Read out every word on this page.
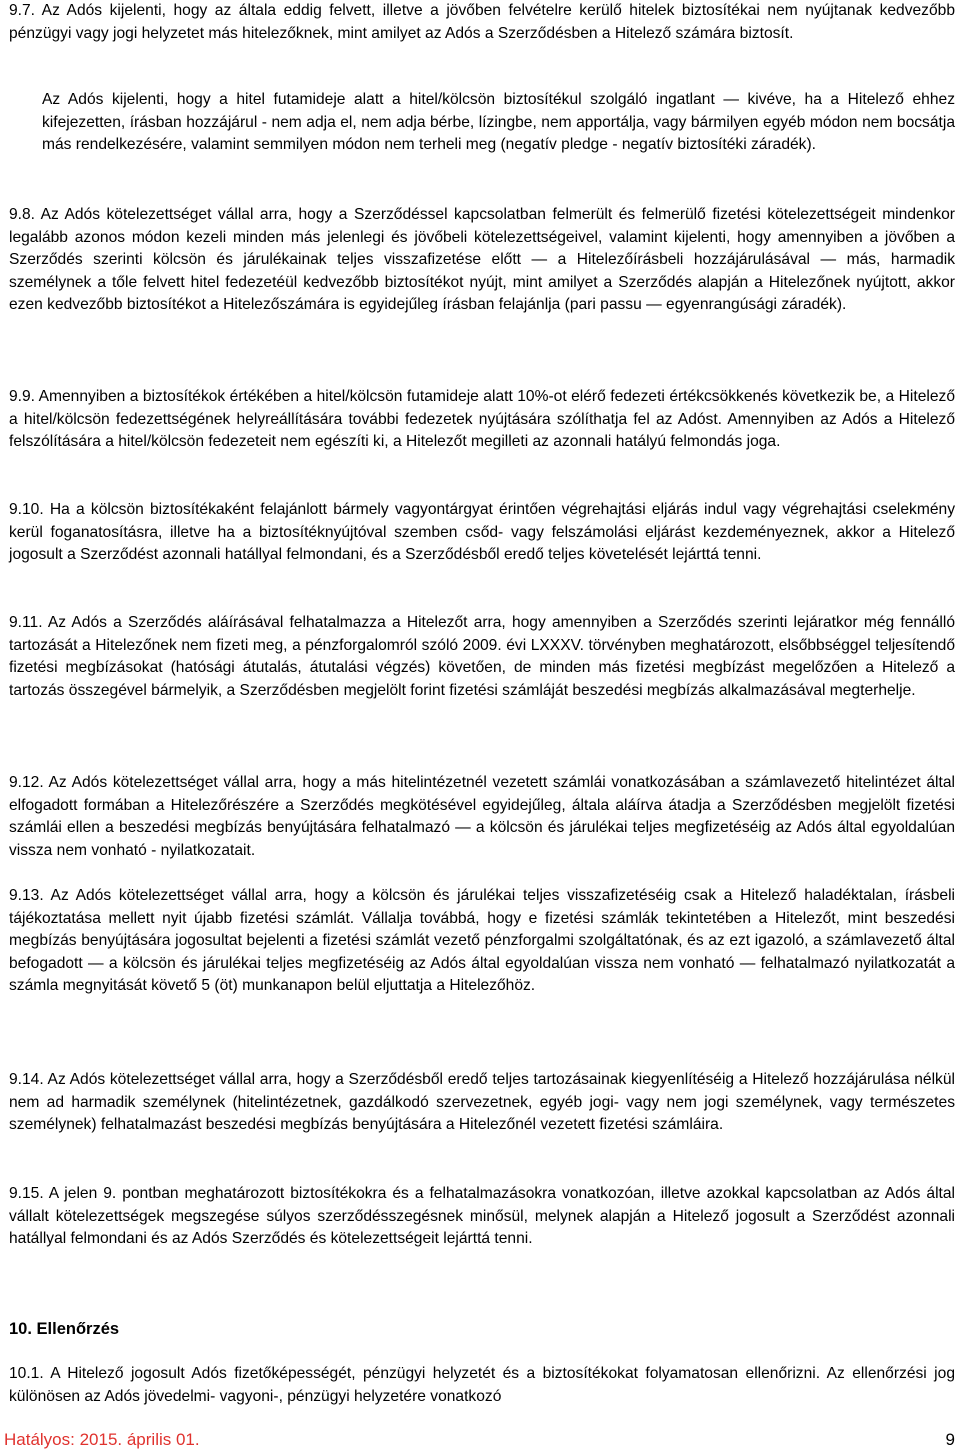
9.7. Az Adós kijelenti, hogy az általa eddig felvett, illetve a jövőben felvételre kerülő hitelek biztosítékai nem nyújtanak kedvezőbb pénzügyi vagy jogi helyzetet más hitelezőknek, mint amilyet az Adós a Szerződésben a Hitelező számára biztosít.

Az Adós kijelenti, hogy a hitel futamideje alatt a hitel/kölcsön biztosítékul szolgáló ingatlant — kivéve, ha a Hitelező ehhez kifejezetten, írásban hozzájárul - nem adja el, nem adja bérbe, lízingbe, nem apportálja, vagy bármilyen egyéb módon nem bocsátja más rendelkezésére, valamint semmilyen módon nem terheli meg (negatív pledge - negatív biztosítéki záradék).

9.8. Az Adós kötelezettséget vállal arra, hogy a Szerződéssel kapcsolatban felmerült és felmerülő fizetési kötelezettségeit mindenkor legalább azonos módon kezeli minden más jelenlegi és jövőbeli kötelezettségeivel, valamint kijelenti, hogy amennyiben a jövőben a Szerződés szerinti kölcsön és járulékainak teljes visszafizetése előtt — a Hitelezőírásbeli hozzájárulásával — más, harmadik személynek a tőle felvett hitel fedezetéül kedvezőbb biztosítékot nyújt, mint amilyet a Szerződés alapján a Hitelezőnek nyújtott, akkor ezen kedvezőbb biztosítékot a Hitelezőszámára is egyidejűleg írásban felajánlja (pari passu — egyenrangúsági záradék).

9.9. Amennyiben a biztosítékok értékében a hitel/kölcsön futamideje alatt 10%-ot elérő fedezeti értékcsökkenés következik be, a Hitelező a hitel/kölcsön fedezettségének helyreállítására további fedezetek nyújtására szólíthatja fel az Adóst. Amennyiben az Adós a Hitelező felszólítására a hitel/kölcsön fedezeteit nem egészíti ki, a Hitelezőt megilleti az azonnali hatályú felmondás joga.

9.10. Ha a kölcsön biztosítékaként felajánlott bármely vagyontárgyat érintően végrehajtási eljárás indul vagy végrehajtási cselekmény kerül foganatosításra, illetve ha a biztosítéknyújtóval szemben csőd- vagy felszámolási eljárást kezdeményeznek, akkor a Hitelező jogosult a Szerződést azonnali hatállyal felmondani, és a Szerződésből eredő teljes követelését lejárttá tenni.

9.11. Az Adós a Szerződés aláírásával felhatalmazza a Hitelezőt arra, hogy amennyiben a Szerződés szerinti lejáratkor még fennálló tartozását a Hitelezőnek nem fizeti meg, a pénzforgalomról szóló 2009. évi LXXXV. törvényben meghatározott, elsőbbséggel teljesítendő fizetési megbízásokat (hatósági átutalás, átutalási végzés) követően, de minden más fizetési megbízást megelőzően a Hitelező a tartozás összegével bármelyik, a Szerződésben megjelölt forint fizetési számláját beszedési megbízás alkalmazásával megterhelje.

9.12. Az Adós kötelezettséget vállal arra, hogy a más hitelintézetnél vezetett számlái vonatkozásában a számlavezető hitelintézet által elfogadott formában a Hitelezőrészére a Szerződés megkötésével egyidejűleg, általa aláírva átadja a Szerződésben megjelölt fizetési számlái ellen a beszedési megbízás benyújtására felhatalmazó — a kölcsön és járulékai teljes megfizetéséig az Adós által egyoldalúan vissza nem vonható - nyilatkozatait.

9.13. Az Adós kötelezettséget vállal arra, hogy a kölcsön és járulékai teljes visszafizetéséig csak a Hitelező haladéktalan, írásbeli tájékoztatása mellett nyit újabb fizetési számlát. Vállalja továbbá, hogy e fizetési számlák tekintetében a Hitelezőt, mint beszedési megbízás benyújtására jogosultat bejelenti a fizetési számlát vezető pénzforgalmi szolgáltatónak, és az ezt igazoló, a számlavezető által befogadott — a kölcsön és járulékai teljes megfizetéséig az Adós által egyoldalúan vissza nem vonható — felhatalmazó nyilatkozatát a számla megnyitását követő 5 (öt) munkanapon belül eljuttatja a Hitelezőhöz.

9.14. Az Adós kötelezettséget vállal arra, hogy a Szerződésből eredő teljes tartozásainak kiegyenlítéséig a Hitelező hozzájárulása nélkül nem ad harmadik személynek (hitelintézetnek, gazdálkodó szervezetnek, egyéb jogi- vagy nem jogi személynek, vagy természetes személynek) felhatalmazást beszedési megbízás benyújtására a Hitelezőnél vezetett fizetési számláira.

9.15. A jelen 9. pontban meghatározott biztosítékokra és a felhatalmazásokra vonatkozóan, illetve azokkal kapcsolatban az Adós által vállalt kötelezettségek megszegése súlyos szerződésszegésnek minősül, melynek alapján a Hitelező jogosult a Szerződést azonnali hatállyal felmondani és az Adós Szerződés és kötelezettségeit lejárttá tenni.

10. Ellenőrzés

10.1. A Hitelező jogosult Adós fizetőképességét, pénzügyi helyzetét és a biztosítékokat folyamatosan ellenőrizni. Az ellenőrzési jog különösen az Adós jövedelmi- vagyoni-, pénzügyi helyzetére vonatkozó

Hatályos: 2015. április 01.	9
